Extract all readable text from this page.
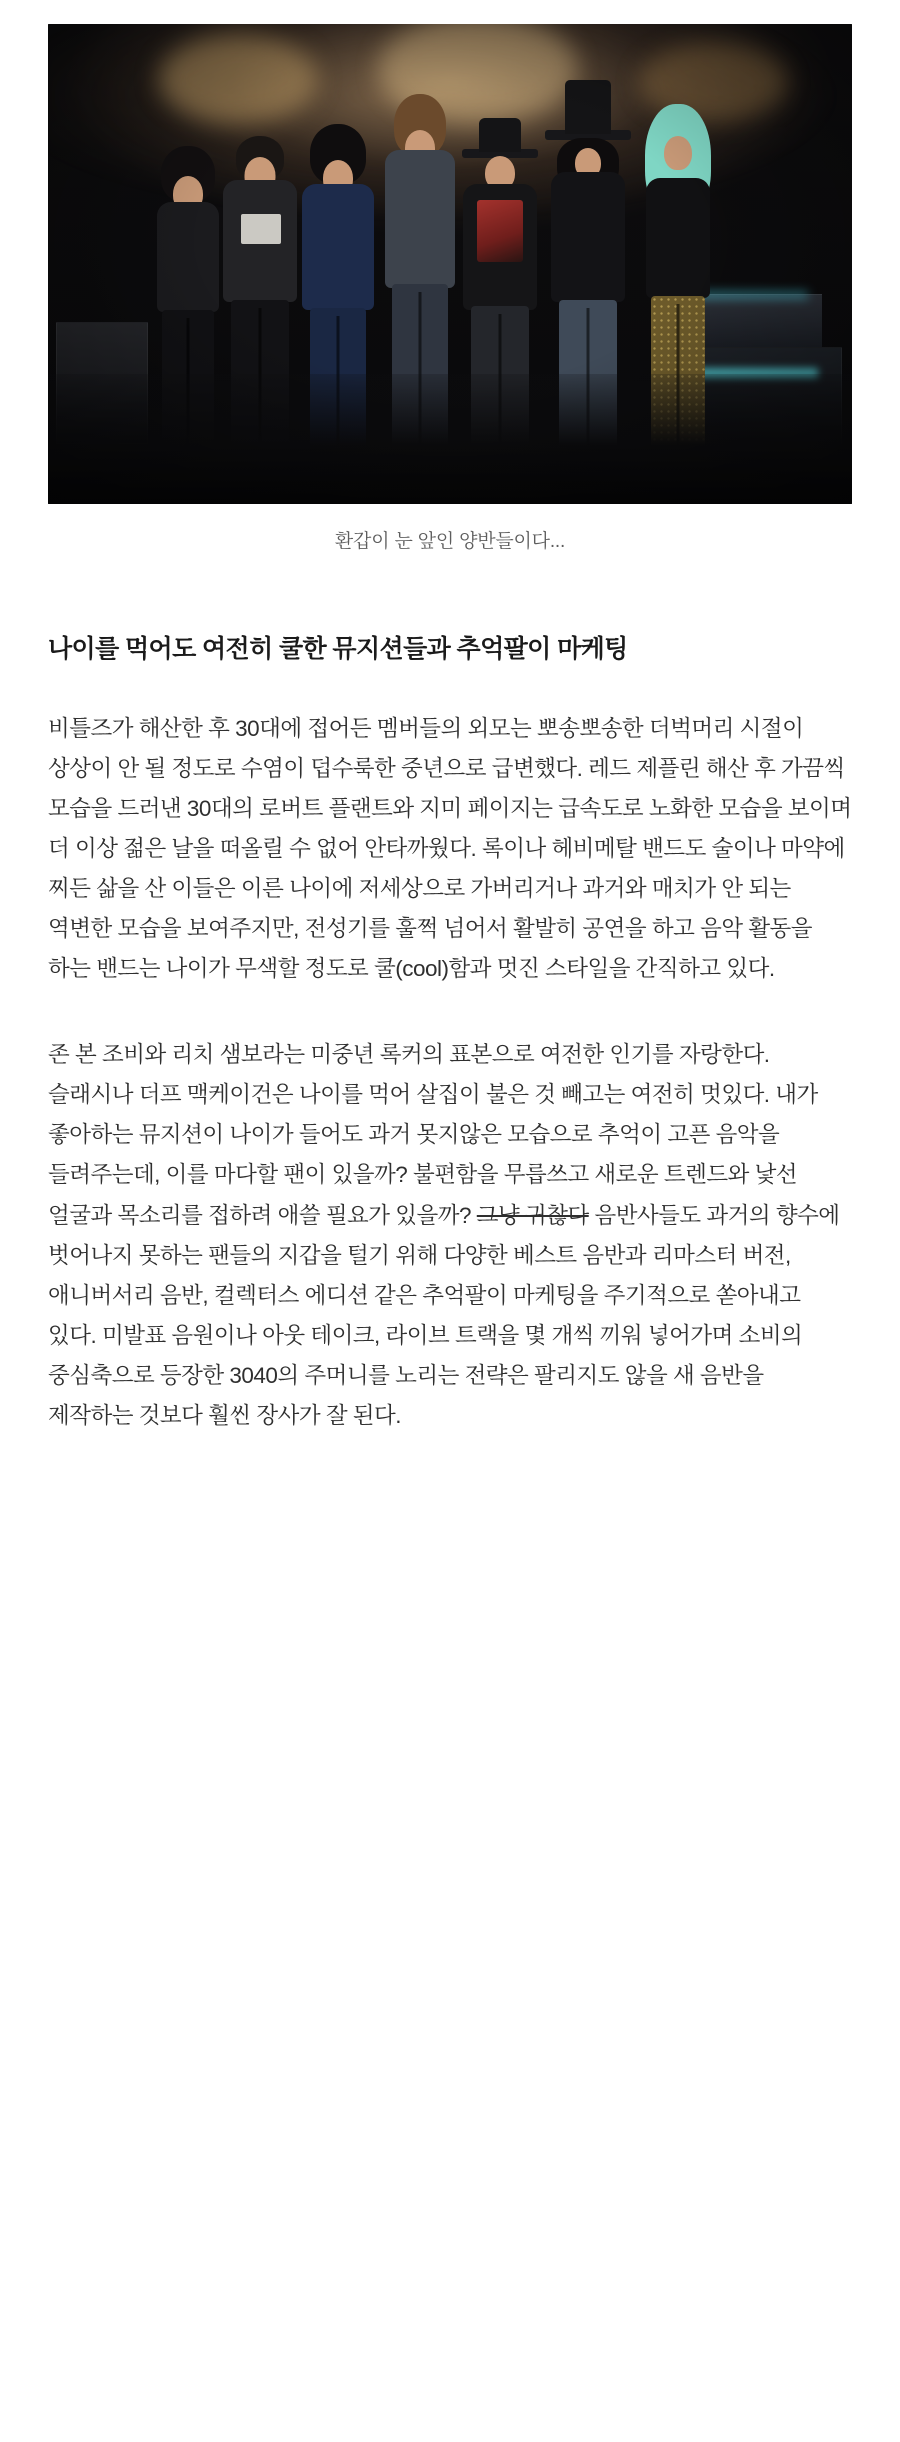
환갑이 눈 앞인 양반들이다...
나이를 먹어도 여전히 쿨한 뮤지션들과 추억팔이 마케팅

비틀즈가 해산한 후 30대에 접어든 멤버들의 외모는 뽀송뽀송한 더벅머리 시절이 상상이 안 될 정도로 수염이 덥수룩한 중년으로 급변했다. 레드 제플린 해산 후 가끔씩 모습을 드러낸 30대의 로버트 플랜트와 지미 페이지는 급속도로 노화한 모습을 보이며 더 이상 젊은 날을 떠올릴 수 없어 안타까웠다. 록이나 헤비메탈 밴드도 술이나 마약에 찌든 삶을 산 이들은 이른 나이에 저세상으로 가버리거나 과거와 매치가 안 되는 역변한 모습을 보여주지만, 전성기를 훌쩍 넘어서 활발히 공연을 하고 음악 활동을 하는 밴드는 나이가 무색할 정도로 쿨(cool)함과 멋진 스타일을 간직하고 있다.

존 본 조비와 리치 샘보라는 미중년 록커의 표본으로 여전한 인기를 자랑한다. 슬래시나 더프 맥케이건은 나이를 먹어 살집이 불은 것 빼고는 여전히 멋있다. 내가 좋아하는 뮤지션이 나이가 들어도 과거 못지않은 모습으로 추억이 고픈 음악을 들려주는데, 이를 마다할 팬이 있을까? 불편함을 무릅쓰고 새로운 트렌드와 낯선 얼굴과 목소리를 접하려 애쓸 필요가 있을까? 그냥 귀찮다 음반사들도 과거의 향수에 벗어나지 못하는 팬들의 지갑을 털기 위해 다양한 베스트 음반과 리마스터 버전, 애니버서리 음반, 컬렉터스 에디션 같은 추억팔이 마케팅을 주기적으로 쏟아내고 있다. 미발표 음원이나 아웃 테이크, 라이브 트랙을 몇 개씩 끼워 넣어가며 소비의 중심축으로 등장한 3040의 주머니를 노리는 전략은 팔리지도 않을 새 음반을 제작하는 것보다 훨씬 장사가 잘 된다.
